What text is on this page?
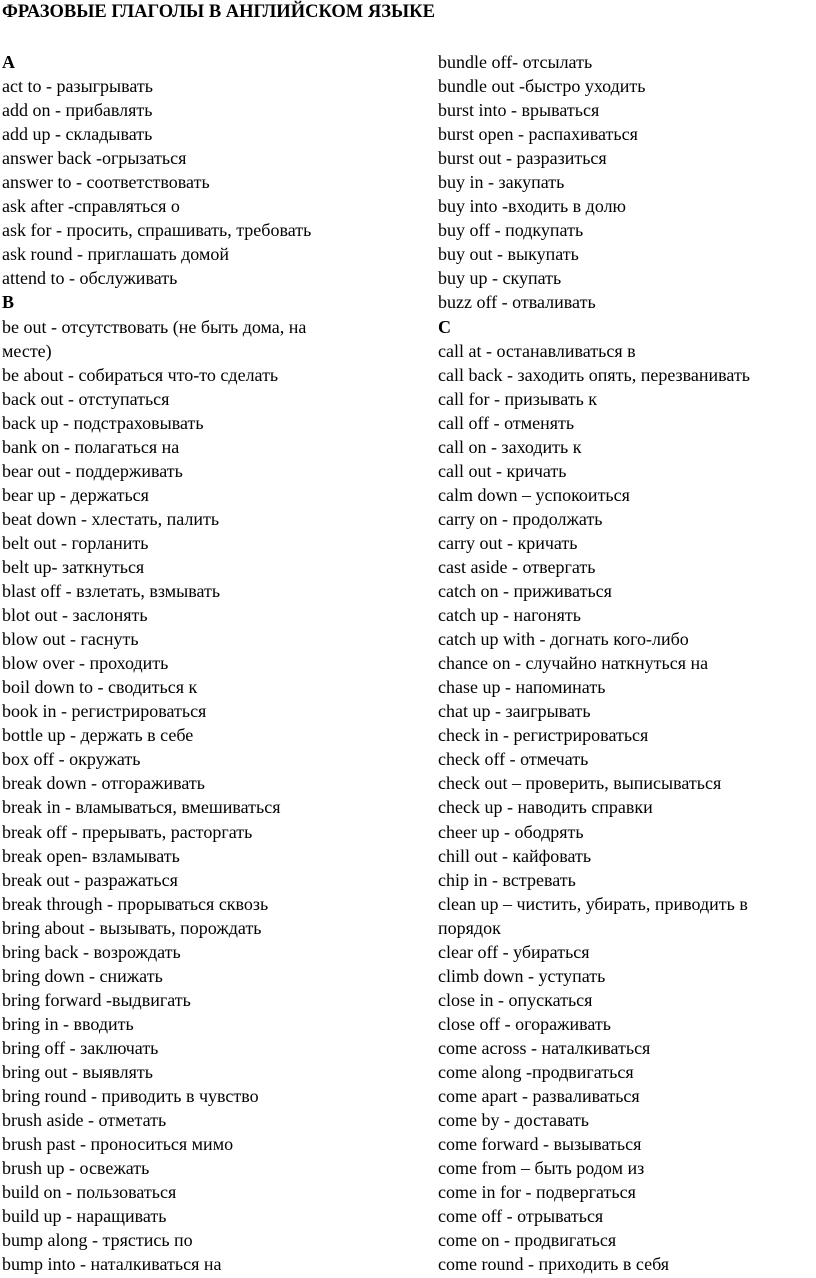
ФРАЗОВЫЕ ГЛАГОЛЫ В АНГЛИЙСКОМ ЯЗЫКЕ
A
act to - разыгрывать
add on - прибавлять
add up - складывать
answer back -огрызаться
answer to - соответствовать
ask after -справляться о
ask for - просить, спрашивать, требовать
ask round - приглашать домой
attend to - обслуживать
B
be out - отсутствовать (не быть дома, на
месте)
be about - собираться что-то сделать
back out - отступаться
back up - подстраховывать
bank on - полагаться на
bear out - поддерживать
bear up - держаться
beat down - хлестать, палить
belt out - горланить
belt up- заткнуться
blast off - взлетать, взмывать
blot out - заслонять
blow out - гаснуть
blow over - проходить
boil down to - сводиться к
book in - регистрироваться
bottle up - держать в себе
box off - окружать
break down - отгораживать
break in - вламываться, вмешиваться
break off - прерывать, расторгать
break open- взламывать
break out - разражаться
break through - прорываться сквозь
bring about - вызывать, порождать
bring back - возрождать
bring down - снижать
bring forward -выдвигать
bring in - вводить
bring off - заключать
bring out - выявлять
bring round - приводить в чувство
brush aside - отметать
brush past - проноситься мимо
brush up - освежать
build on - пользоваться
build up - наращивать
bump along - трястись по
bump into - наталкиваться на
bundle off- отсылать
bundle out -быстро уходить
burst into - врываться
burst open - распахиваться
burst out - разразиться
buy in - закупать
buy into -входить в долю
buy off - подкупать
buy out - выкупать
buy up - скупать
buzz off - отваливать
C
call at - останавливаться в
call back - заходить опять, перезванивать
call for - призывать к
call off - отменять
call on - заходить к
call out - кричать
calm down – успокоиться
carry on - продолжать
carry out - кричать
cast aside - отвергать
catch on - приживаться
catch up - нагонять
catch up with - догнать кого-либо
chance on - случайно наткнуться на
chase up - напоминать
chat up - заигрывать
check in - регистрироваться
check off - отмечать
check out – проверить, выписываться
check up - наводить справки
cheer up - ободрять
chill out - кайфовать
chip in - встревать
clean up – чистить, убирать, приводить в
порядок
clear off - убираться
climb down - уступать
close in - опускаться
close off - огораживать
come across - наталкиваться
come along -продвигаться
come apart - разваливаться
come by - доставать
come forward - вызываться
come from – быть родом из
come in for - подвергаться
come off - отрываться
come on - продвигаться
come round - приходить в себя
